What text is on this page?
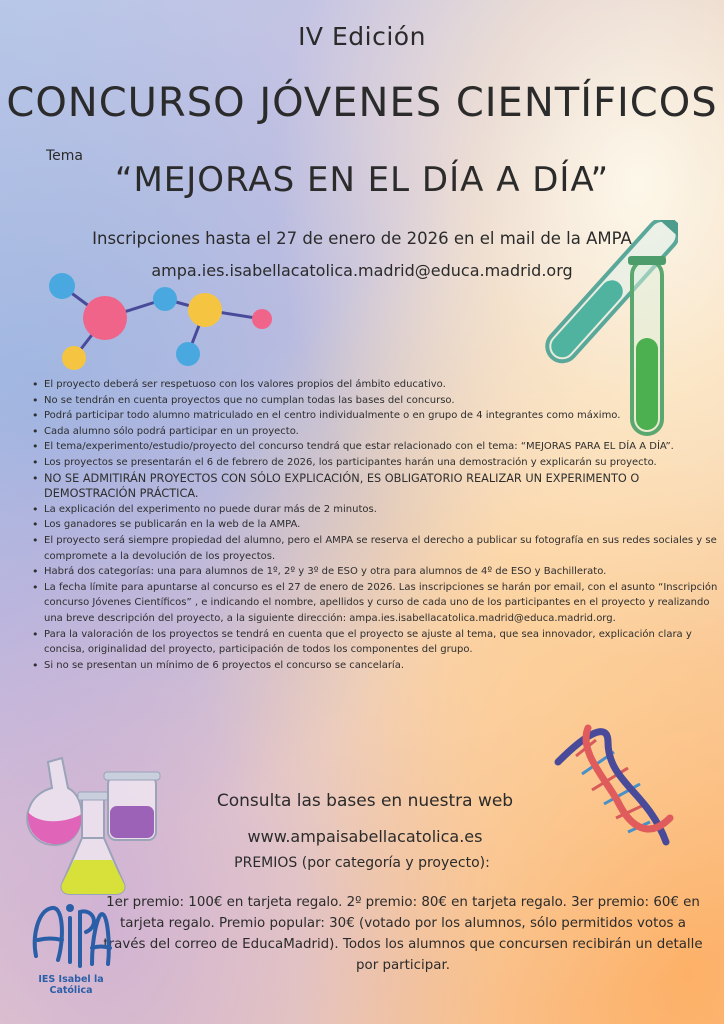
IV Edición

CONCURSO JÓVENES CIENTÍFICOS

Tema

“MEJORAS EN EL DÍA A DÍA”

Inscripciones hasta el 27 de enero de 2026 en el mail de la AMPA

ampa.ies.isabellacatolica.madrid@educa.madrid.org

• El proyecto deberá ser respetuoso con los valores propios del ámbito educativo.
• No se tendrán en cuenta proyectos que no cumplan todas las bases del concurso.
• Podrá participar todo alumno matriculado en el centro individualmente o en grupo de 4 integrantes como máximo.
• Cada alumno sólo podrá participar en un proyecto.
• El tema/experimento/estudio/proyecto del concurso tendrá que estar relacionado con el tema: “MEJORAS PARA EL DÍA A DÍA”.
• Los proyectos se presentarán el 6 de febrero de 2026, los participantes harán una demostración y explicarán su proyecto.
• NO SE ADMITIRÁN PROYECTOS CON SÓLO EXPLICACIÓN, ES OBLIGATORIO REALIZAR UN EXPERIMENTO O DEMOSTRACIÓN PRÁCTICA.
• La explicación del experimento no puede durar más de 2 minutos.
• Los ganadores se publicarán en la web de la AMPA.
• El proyecto será siempre propiedad del alumno, pero el AMPA se reserva el derecho a publicar su fotografía en sus redes sociales y se compromete a la devolución de los proyectos.
• Habrá dos categorías: una para alumnos de 1º, 2º y 3º de ESO y otra para alumnos de 4º de ESO y Bachillerato.
• La fecha límite para apuntarse al concurso es el 27 de enero de 2026. Las inscripciones se harán por email, con el asunto “Inscripción concurso Jóvenes Científicos” , e indicando el nombre, apellidos y curso de cada uno de los participantes en el proyecto y realizando una breve descripción del proyecto, a la siguiente dirección: ampa.ies.isabellacatolica.madrid@educa.madrid.org.
• Para la valoración de los proyectos se tendrá en cuenta que el proyecto se ajuste al tema, que sea innovador, explicación clara y concisa, originalidad del proyecto, participación de todos los componentes del grupo.
• Si no se presentan un mínimo de 6 proyectos el concurso se cancelaría.

Consulta las bases en nuestra web

www.ampaisabellacatolica.es

PREMIOS (por categoría y proyecto):

1er premio: 100€ en tarjeta regalo. 2º premio: 80€ en tarjeta regalo. 3er premio: 60€ en tarjeta regalo. Premio popular: 30€ (votado por los alumnos, sólo permitidos votos a través del correo de EducaMadrid). Todos los alumnos que concursen recibirán un detalle por participar.

IES Isabel la Católica
